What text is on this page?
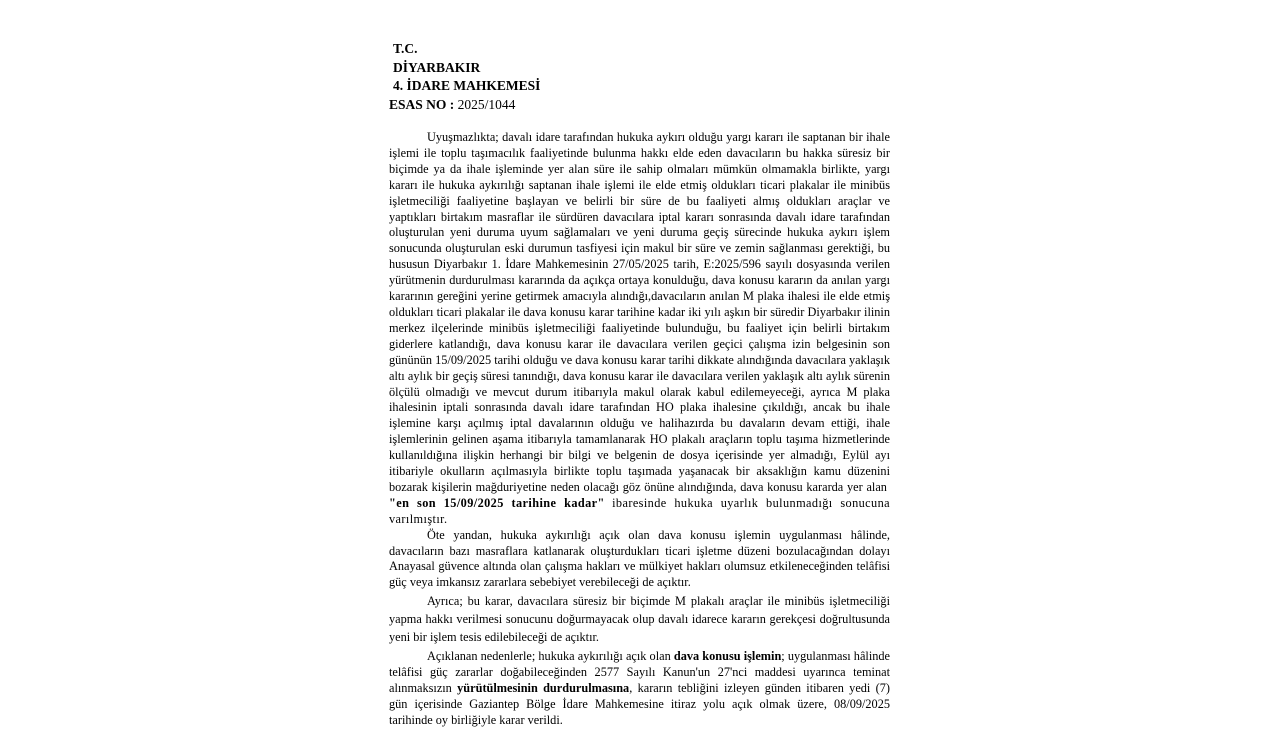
T.C.
DİYARBAKIR
4. İDARE MAHKEMESİ
ESAS NO : 2025/1044

Uyuşmazlıkta; davalı idare tarafından hukuka aykırı olduğu yargı kararı ile saptanan bir ihale işlemi ile toplu taşımacılık faaliyetinde bulunma hakkı elde eden davacıların bu hakka süresiz bir biçimde ya da ihale işleminde yer alan süre ile sahip olmaları mümkün olmamakla birlikte, yargı kararı ile hukuka aykırılığı saptanan ihale işlemi ile elde etmiş oldukları ticari plakalar ile minibüs işletmeciliği faaliyetine başlayan ve belirli bir süre de bu faaliyeti almış oldukları araçlar ve yaptıkları birtakım masraflar ile sürdüren davacılara iptal kararı sonrasında davalı idare tarafından oluşturulan yeni duruma uyum sağlamaları ve yeni duruma geçiş sürecinde hukuka aykırı işlem sonucunda oluşturulan eski durumun tasfiyesi için makul bir süre ve zemin sağlanması gerektiği, bu hususun Diyarbakır 1. İdare Mahkemesinin 27/05/2025 tarih, E:2025/596 sayılı dosyasında verilen yürütmenin durdurulması kararında da açıkça ortaya konulduğu, dava konusu kararın da anılan yargı kararının gereğini yerine getirmek amacıyla alındığı,davacıların anılan M plaka ihalesi ile elde etmiş oldukları ticari plakalar ile dava konusu karar tarihine kadar iki yılı aşkın bir süredir Diyarbakır ilinin merkez ilçelerinde minibüs işletmeciliği faaliyetinde bulunduğu, bu faaliyet için belirli birtakım giderlere katlandığı, dava konusu karar ile davacılara verilen geçici çalışma izin belgesinin son gününün 15/09/2025 tarihi olduğu ve dava konusu karar tarihi dikkate alındığında davacılara yaklaşık altı aylık bir geçiş süresi tanındığı, dava konusu karar ile davacılara verilen yaklaşık altı aylık sürenin ölçülü olmadığı ve mevcut durum itibarıyla makul olarak kabul edilemeyeceği, ayrıca M plaka ihalesinin iptali sonrasında davalı idare tarafından HO plaka ihalesine çıkıldığı, ancak bu ihale işlemine karşı açılmış iptal davalarının olduğu ve halihazırda bu davaların devam ettiği, ihale işlemlerinin gelinen aşama itibarıyla tamamlanarak HO plakalı araçların toplu taşıma hizmetlerinde kullanıldığına ilişkin herhangi bir bilgi ve belgenin de dosya içerisinde yer almadığı, Eylül ayı itibariyle okulların açılmasıyla birlikte toplu taşımada yaşanacak bir aksaklığın kamu düzenini bozarak kişilerin mağduriyetine neden olacağı göz önüne alındığında, dava konusu kararda yer alan  "en son 15/09/2025 tarihine kadar" ibaresinde hukuka uyarlık bulunmadığı sonucuna varılmıştır.

Öte yandan, hukuka aykırılığı açık olan dava konusu işlemin uygulanması hâlinde, davacıların bazı masraflara katlanarak oluşturdukları ticari işletme düzeni bozulacağından dolayı Anayasal güvence altında olan çalışma hakları ve mülkiyet hakları olumsuz etkileneceğinden telâfisi güç veya imkansız zararlara sebebiyet verebileceği de açıktır.

Ayrıca; bu karar, davacılara süresiz bir biçimde M plakalı araçlar ile minibüs işletmeciliği yapma hakkı verilmesi sonucunu doğurmayacak olup davalı idarece kararın gerekçesi doğrultusunda yeni bir işlem tesis edilebileceği de açıktır.

Açıklanan nedenlerle; hukuka aykırılığı açık olan dava konusu işlemin; uygulanması hâlinde telâfisi güç zararlar doğabileceğinden 2577 Sayılı Kanun'un 27'nci maddesi uyarınca teminat alınmaksızın yürütülmesinin durdurulmasına, kararın tebliğini izleyen günden itibaren yedi (7) gün içerisinde Gaziantep Bölge İdare Mahkemesine itiraz yolu açık olmak üzere, 08/09/2025 tarihinde oy birliğiyle karar verildi.
